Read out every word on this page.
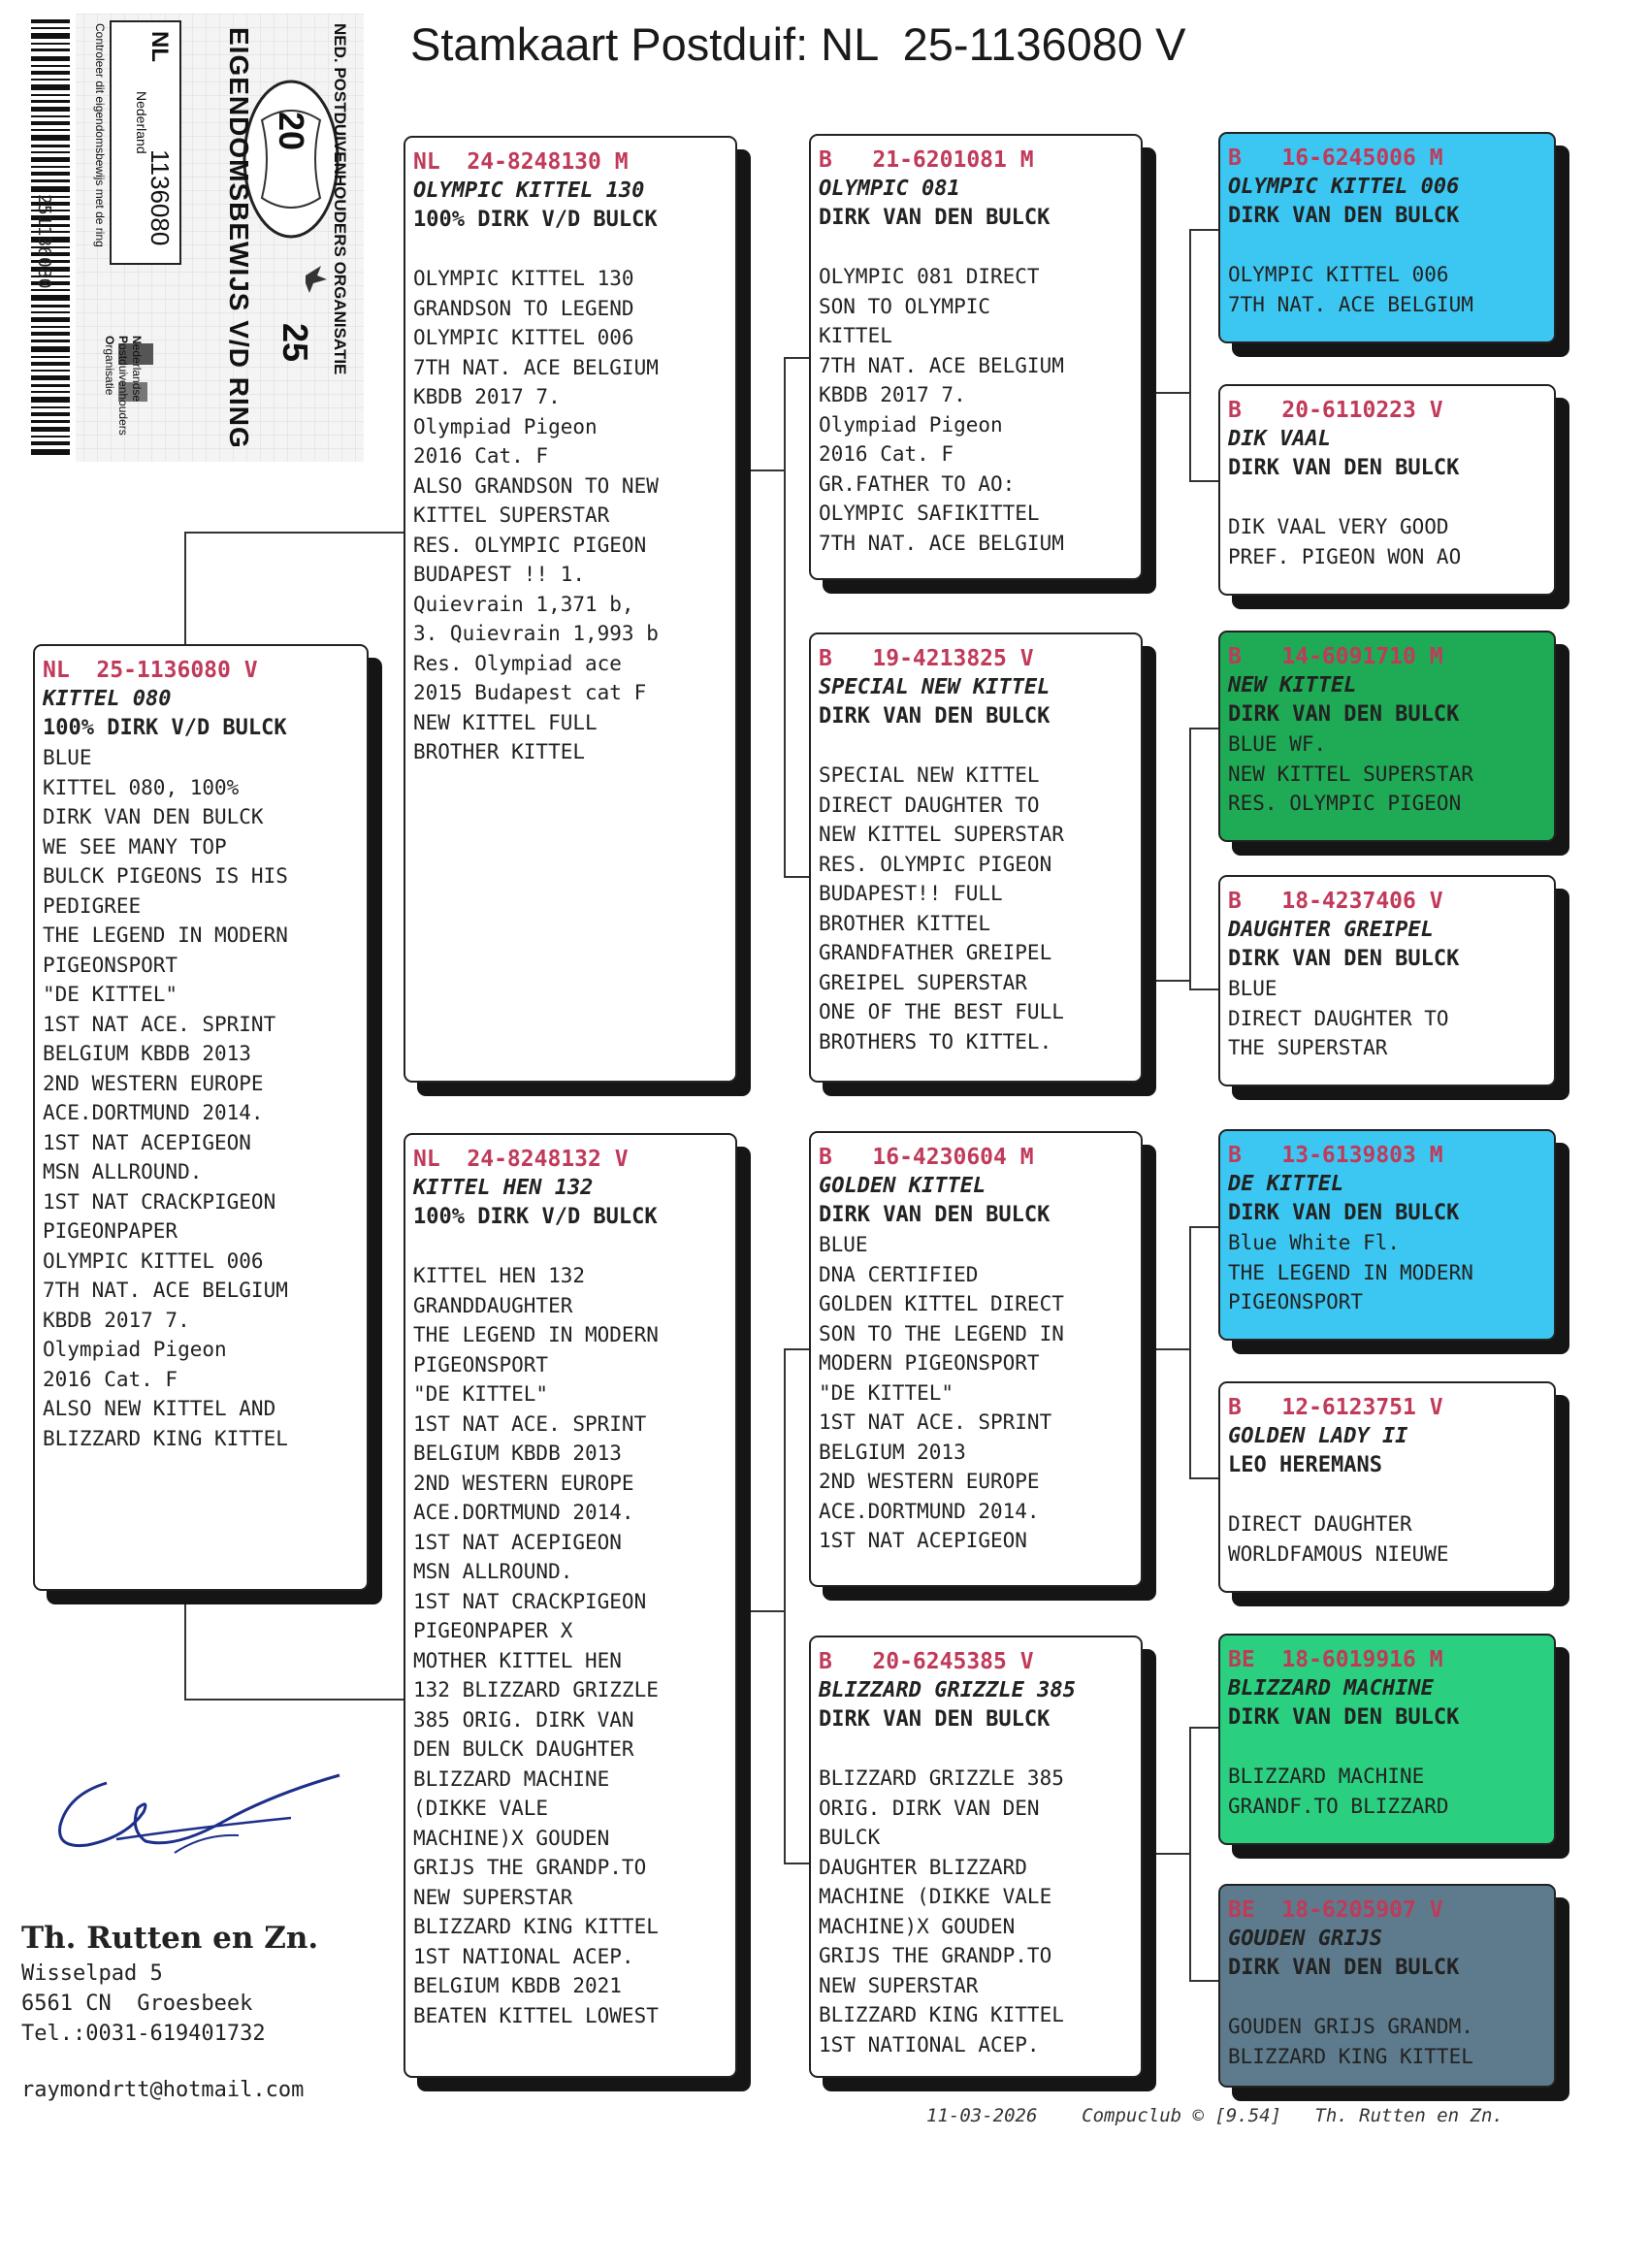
Stamkaart Postduif: NL  25-1136080 V
NED. POSTDUIVENHOUDERS ORGANISATIE
EIGENDOMSBEWIJS V/D RING 20
25
NL
Nederland
1136080
Controleer dit eigendomsbewijs met de ring
Nederlandse
Postduivenhouders
Organisatie
251136080
NL  25-1136080 V
KITTEL 080
100% DIRK V/D BULCK
BLUE
KITTEL 080, 100%
DIRK VAN DEN BULCK
WE SEE MANY TOP
BULCK PIGEONS IS HIS
PEDIGREE
THE LEGEND IN MODERN
PIGEONSPORT
"DE KITTEL"
1ST NAT ACE. SPRINT
BELGIUM KBDB 2013
2ND WESTERN EUROPE
ACE.DORTMUND 2014.
1ST NAT ACEPIGEON
MSN ALLROUND.
1ST NAT CRACKPIGEON
PIGEONPAPER
OLYMPIC KITTEL 006
7TH NAT. ACE BELGIUM
KBDB 2017 7.
Olympiad Pigeon
2016 Cat. F
ALSO NEW KITTEL AND
BLIZZARD KING KITTEL
NL  24-8248130 M
OLYMPIC KITTEL 130
100% DIRK V/D BULCK
OLYMPIC KITTEL 130
GRANDSON TO LEGEND
OLYMPIC KITTEL 006
7TH NAT. ACE BELGIUM
KBDB 2017 7.
Olympiad Pigeon
2016 Cat. F
ALSO GRANDSON TO NEW
KITTEL SUPERSTAR
RES. OLYMPIC PIGEON
BUDAPEST !! 1.
Quievrain 1,371 b,
3. Quievrain 1,993 b
Res. Olympiad ace
2015 Budapest cat F
NEW KITTEL FULL
BROTHER KITTEL
NL  24-8248132 V
KITTEL HEN 132
100% DIRK V/D BULCK
KITTEL HEN 132
GRANDDAUGHTER
THE LEGEND IN MODERN
PIGEONSPORT
"DE KITTEL"
1ST NAT ACE. SPRINT
BELGIUM KBDB 2013
2ND WESTERN EUROPE
ACE.DORTMUND 2014.
1ST NAT ACEPIGEON
MSN ALLROUND.
1ST NAT CRACKPIGEON
PIGEONPAPER X
MOTHER KITTEL HEN
132 BLIZZARD GRIZZLE
385 ORIG. DIRK VAN
DEN BULCK DAUGHTER
BLIZZARD MACHINE
(DIKKE VALE
MACHINE)X GOUDEN
GRIJS THE GRANDP.TO
NEW SUPERSTAR
BLIZZARD KING KITTEL
1ST NATIONAL ACEP.
BELGIUM KBDB 2021
BEATEN KITTEL LOWEST
B   21-6201081 M
OLYMPIC 081
DIRK VAN DEN BULCK
OLYMPIC 081 DIRECT
SON TO OLYMPIC
KITTEL
7TH NAT. ACE BELGIUM
KBDB 2017 7.
Olympiad Pigeon
2016 Cat. F
GR.FATHER TO AO:
OLYMPIC SAFIKITTEL
7TH NAT. ACE BELGIUM
B   19-4213825 V
SPECIAL NEW KITTEL
DIRK VAN DEN BULCK
SPECIAL NEW KITTEL
DIRECT DAUGHTER TO
NEW KITTEL SUPERSTAR
RES. OLYMPIC PIGEON
BUDAPEST!! FULL
BROTHER KITTEL
GRANDFATHER GREIPEL
GREIPEL SUPERSTAR
ONE OF THE BEST FULL
BROTHERS TO KITTEL.
B   16-4230604 M
GOLDEN KITTEL
DIRK VAN DEN BULCK
BLUE
DNA CERTIFIED
GOLDEN KITTEL DIRECT
SON TO THE LEGEND IN
MODERN PIGEONSPORT
"DE KITTEL"
1ST NAT ACE. SPRINT
BELGIUM 2013
2ND WESTERN EUROPE
ACE.DORTMUND 2014.
1ST NAT ACEPIGEON
B   20-6245385 V
BLIZZARD GRIZZLE 385
DIRK VAN DEN BULCK
BLIZZARD GRIZZLE 385
ORIG. DIRK VAN DEN
BULCK
DAUGHTER BLIZZARD
MACHINE (DIKKE VALE
MACHINE)X GOUDEN
GRIJS THE GRANDP.TO
NEW SUPERSTAR
BLIZZARD KING KITTEL
1ST NATIONAL ACEP.
B   16-6245006 M
OLYMPIC KITTEL 006
DIRK VAN DEN BULCK
OLYMPIC KITTEL 006
7TH NAT. ACE BELGIUM
B   20-6110223 V
DIK VAAL
DIRK VAN DEN BULCK
DIK VAAL VERY GOOD
PREF. PIGEON WON AO
B   14-6091710 M
NEW KITTEL
DIRK VAN DEN BULCK
BLUE WF.
NEW KITTEL SUPERSTAR
RES. OLYMPIC PIGEON
B   18-4237406 V
DAUGHTER GREIPEL
DIRK VAN DEN BULCK
BLUE
DIRECT DAUGHTER TO
THE SUPERSTAR
B   13-6139803 M
DE KITTEL
DIRK VAN DEN BULCK
Blue White Fl.
THE LEGEND IN MODERN
PIGEONSPORT
B   12-6123751 V
GOLDEN LADY II
LEO HEREMANS
DIRECT DAUGHTER
WORLDFAMOUS NIEUWE
BE  18-6019916 M
BLIZZARD MACHINE
DIRK VAN DEN BULCK
BLIZZARD MACHINE
GRANDF.TO BLIZZARD
BE  18-6205907 V
GOUDEN GRIJS
DIRK VAN DEN BULCK
GOUDEN GRIJS GRANDM.
BLIZZARD KING KITTEL
Th. Rutten en Zn.
Wisselpad 5
6561 CN  Groesbeek
Tel.:0031-619401732
raymondrtt@hotmail.com
11-03-2026 Compuclub © [9.54] Th. Rutten en Zn.
